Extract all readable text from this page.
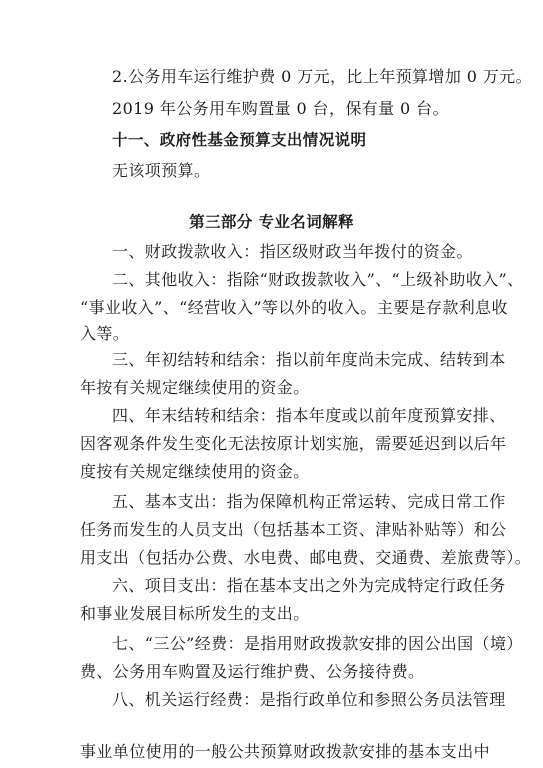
2.公务用车运行维护费 0 万元，比上年预算增加 0 万元。
2019 年公务用车购置量 0 台，保有量 0 台。
十一、政府性基金预算支出情况说明
无该项预算。
第三部分 专业名词解释
一、财政拨款收入：指区级财政当年拨付的资金。
二、其他收入：指除“财政拨款收入”、“上级补助收入”、
“事业收入”、“经营收入”等以外的收入。主要是存款利息收
入等。
三、年初结转和结余：指以前年度尚未完成、结转到本
年按有关规定继续使用的资金。
四、年末结转和结余：指本年度或以前年度预算安排、
因客观条件发生变化无法按原计划实施，需要延迟到以后年
度按有关规定继续使用的资金。
五、基本支出：指为保障机构正常运转、完成日常工作
任务而发生的人员支出（包括基本工资、津贴补贴等）和公
用支出（包括办公费、水电费、邮电费、交通费、差旅费等）。
六、项目支出：指在基本支出之外为完成特定行政任务
和事业发展目标所发生的支出。
七、“三公”经费：是指用财政拨款安排的因公出国（境）
费、公务用车购置及运行维护费、公务接待费。
八、机关运行经费：是指行政单位和参照公务员法管理
事业单位使用的一般公共预算财政拨款安排的基本支出中
